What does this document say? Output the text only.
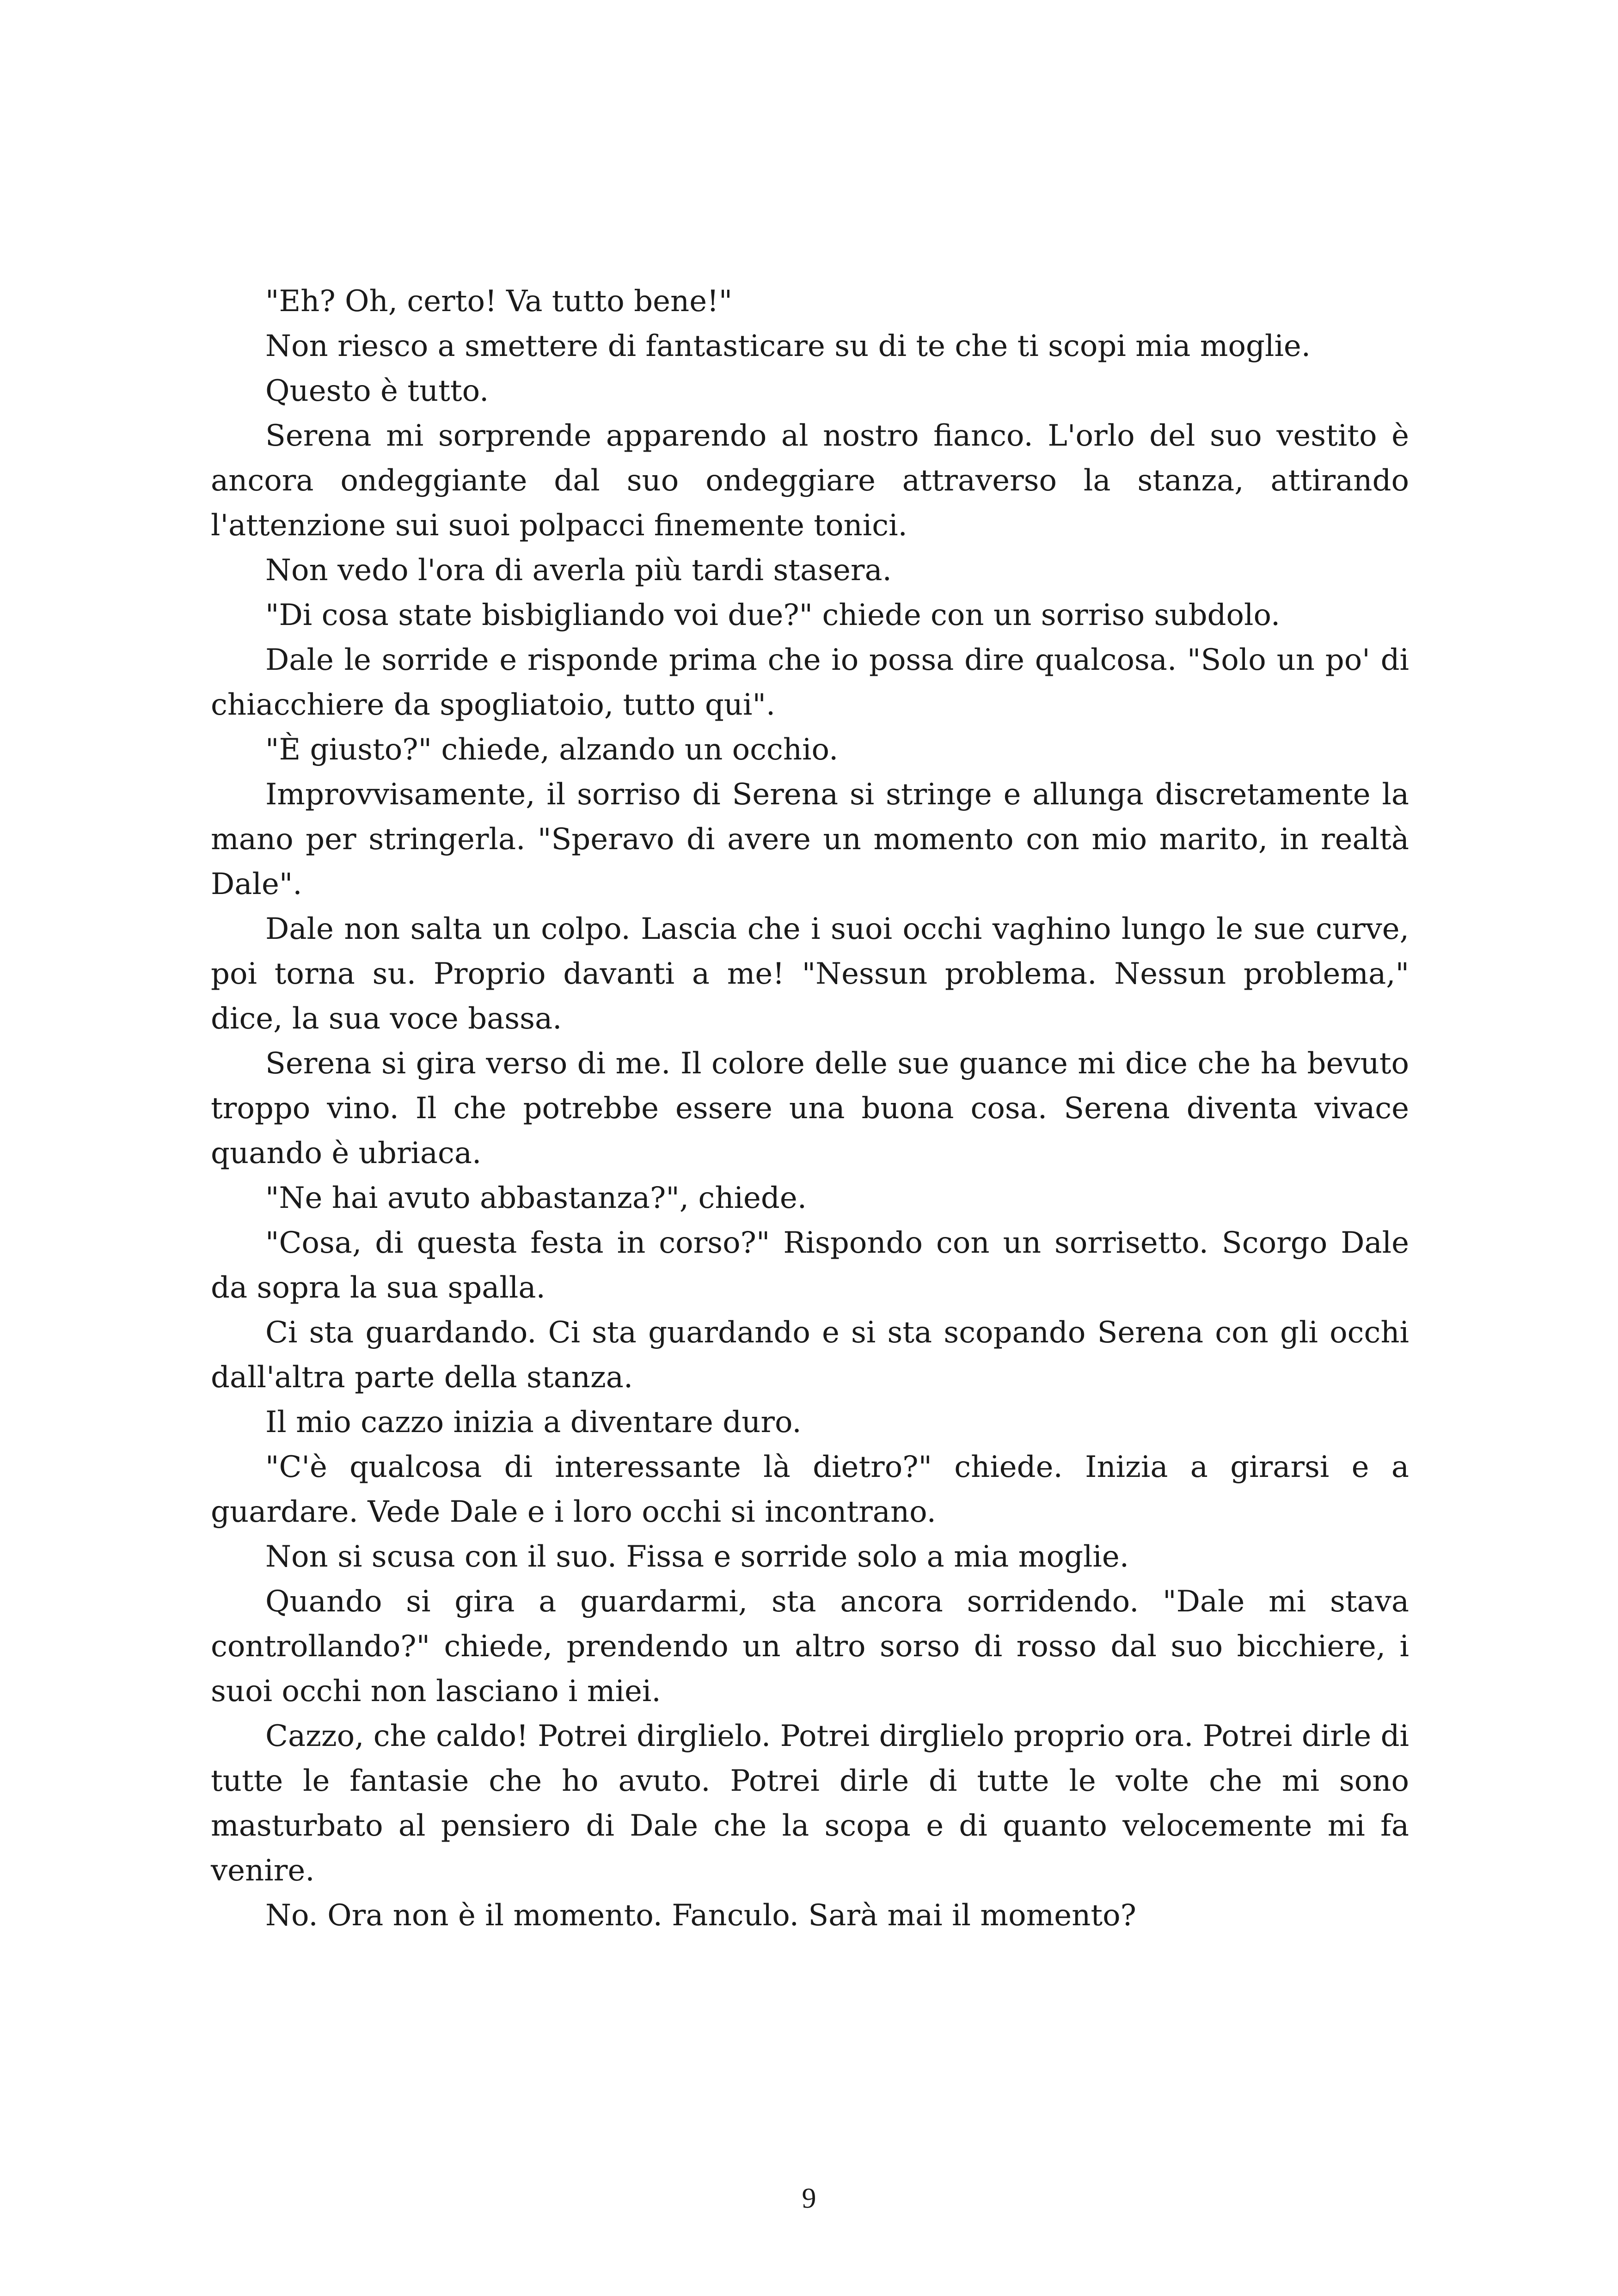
"Eh? Oh, certo! Va tutto bene!"

Non riesco a smettere di fantasticare su di te che ti scopi mia moglie.

Questo è tutto.

Serena mi sorprende apparendo al nostro fianco. L'orlo del suo vestito è ancora ondeggiante dal suo ondeggiare attraverso la stanza, attirando l'attenzione sui suoi polpacci finemente tonici.

Non vedo l'ora di averla più tardi stasera.

"Di cosa state bisbigliando voi due?" chiede con un sorriso subdolo.

Dale le sorride e risponde prima che io possa dire qualcosa. "Solo un po' di chiacchiere da spogliatoio, tutto qui".

"È giusto?" chiede, alzando un occhio.

Improvvisamente, il sorriso di Serena si stringe e allunga discretamente la mano per stringerla. "Speravo di avere un momento con mio marito, in realtà Dale".

Dale non salta un colpo. Lascia che i suoi occhi vaghino lungo le sue curve, poi torna su. Proprio davanti a me! "Nessun problema. Nessun problema," dice, la sua voce bassa.

Serena si gira verso di me. Il colore delle sue guance mi dice che ha bevuto troppo vino. Il che potrebbe essere una buona cosa. Serena diventa vivace quando è ubriaca.

"Ne hai avuto abbastanza?", chiede.

"Cosa, di questa festa in corso?" Rispondo con un sorrisetto. Scorgo Dale da sopra la sua spalla.

Ci sta guardando. Ci sta guardando e si sta scopando Serena con gli occhi dall'altra parte della stanza.

Il mio cazzo inizia a diventare duro.

"C'è qualcosa di interessante là dietro?" chiede. Inizia a girarsi e a guardare. Vede Dale e i loro occhi si incontrano.

Non si scusa con il suo. Fissa e sorride solo a mia moglie.

Quando si gira a guardarmi, sta ancora sorridendo. "Dale mi stava controllando?" chiede, prendendo un altro sorso di rosso dal suo bicchiere, i suoi occhi non lasciano i miei.

Cazzo, che caldo! Potrei dirglielo. Potrei dirglielo proprio ora. Potrei dirle di tutte le fantasie che ho avuto. Potrei dirle di tutte le volte che mi sono masturbato al pensiero di Dale che la scopa e di quanto velocemente mi fa venire.

No. Ora non è il momento. Fanculo. Sarà mai il momento?

9
